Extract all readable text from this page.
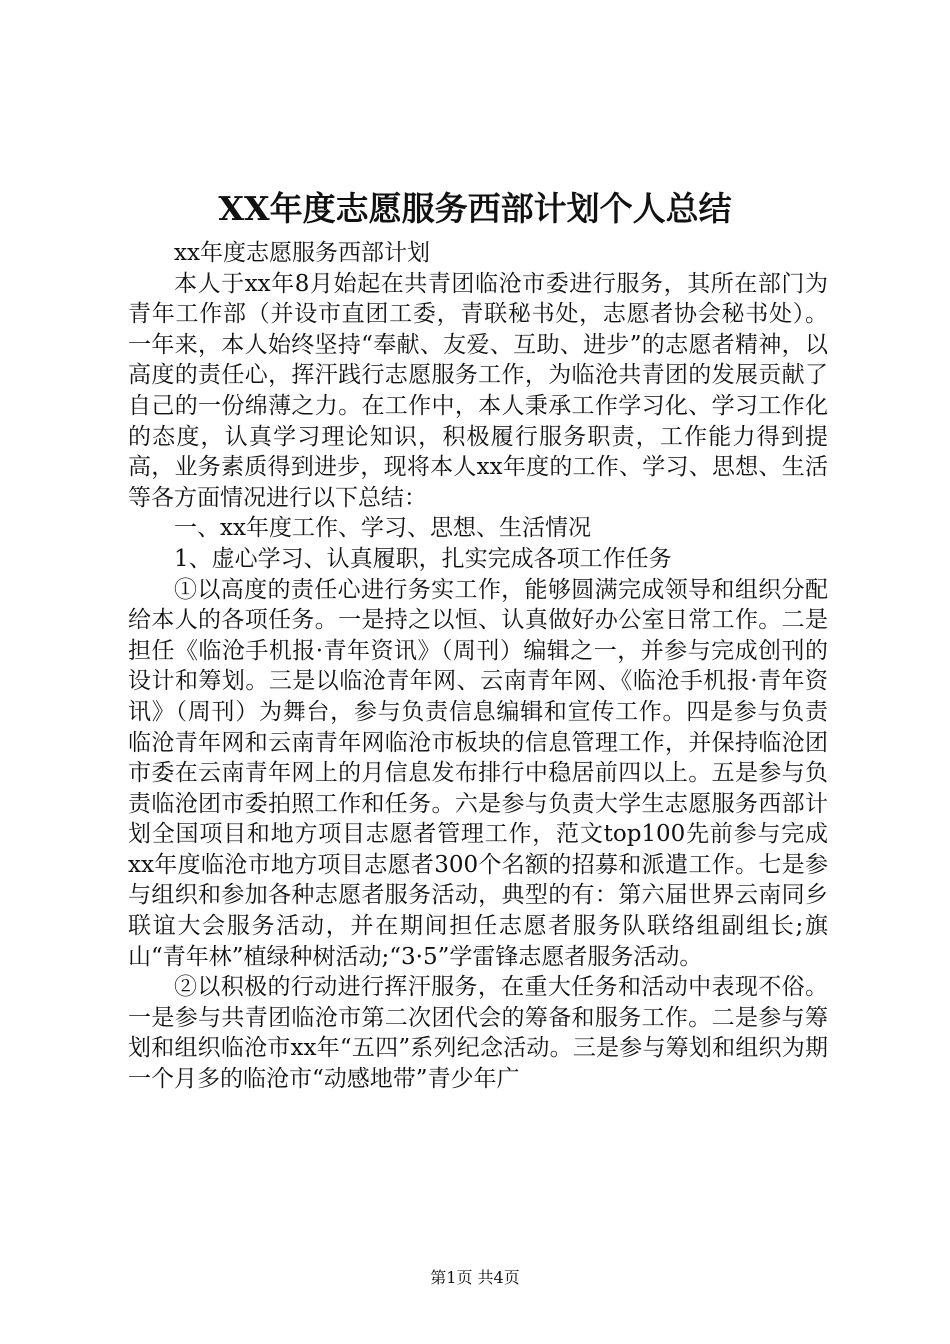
XX年度志愿服务西部计划个人总结

xx年度志愿服务西部计划

本人于xx年8月始起在共青团临沧市委进行服务，其所在部门为青年工作部（并设市直团工委，青联秘书处，志愿者协会秘书处）。一年来，本人始终坚持“奉献、友爱、互助、进步”的志愿者精神，以高度的责任心，挥汗践行志愿服务工作，为临沧共青团的发展贡献了自己的一份绵薄之力。在工作中，本人秉承工作学习化、学习工作化的态度，认真学习理论知识，积极履行服务职责，工作能力得到提高，业务素质得到进步，现将本人xx年度的工作、学习、思想、生活等各方面情况进行以下总结：

一、xx年度工作、学习、思想、生活情况

1、虚心学习、认真履职，扎实完成各项工作任务

①以高度的责任心进行务实工作，能够圆满完成领导和组织分配给本人的各项任务。一是持之以恒、认真做好办公室日常工作。二是担任《临沧手机报·青年资讯》（周刊）编辑之一，并参与完成创刊的设计和筹划。三是以临沧青年网、云南青年网、《临沧手机报·青年资讯》（周刊）为舞台，参与负责信息编辑和宣传工作。四是参与负责临沧青年网和云南青年网临沧市板块的信息管理工作，并保持临沧团市委在云南青年网上的月信息发布排行中稳居前四以上。五是参与负责临沧团市委拍照工作和任务。六是参与负责大学生志愿服务西部计划全国项目和地方项目志愿者管理工作，范文top100先前参与完成xx年度临沧市地方项目志愿者300个名额的招募和派遣工作。七是参与组织和参加各种志愿者服务活动，典型的有：第六届世界云南同乡联谊大会服务活动，并在期间担任志愿者服务队联络组副组长;旗山“青年林”植绿种树活动;“3·5”学雷锋志愿者服务活动。

②以积极的行动进行挥汗服务，在重大任务和活动中表现不俗。一是参与共青团临沧市第二次团代会的筹备和服务工作。二是参与筹划和组织临沧市xx年“五四”系列纪念活动。三是参与筹划和组织为期一个月多的临沧市“动感地带”青少年广

第1页 共4页
